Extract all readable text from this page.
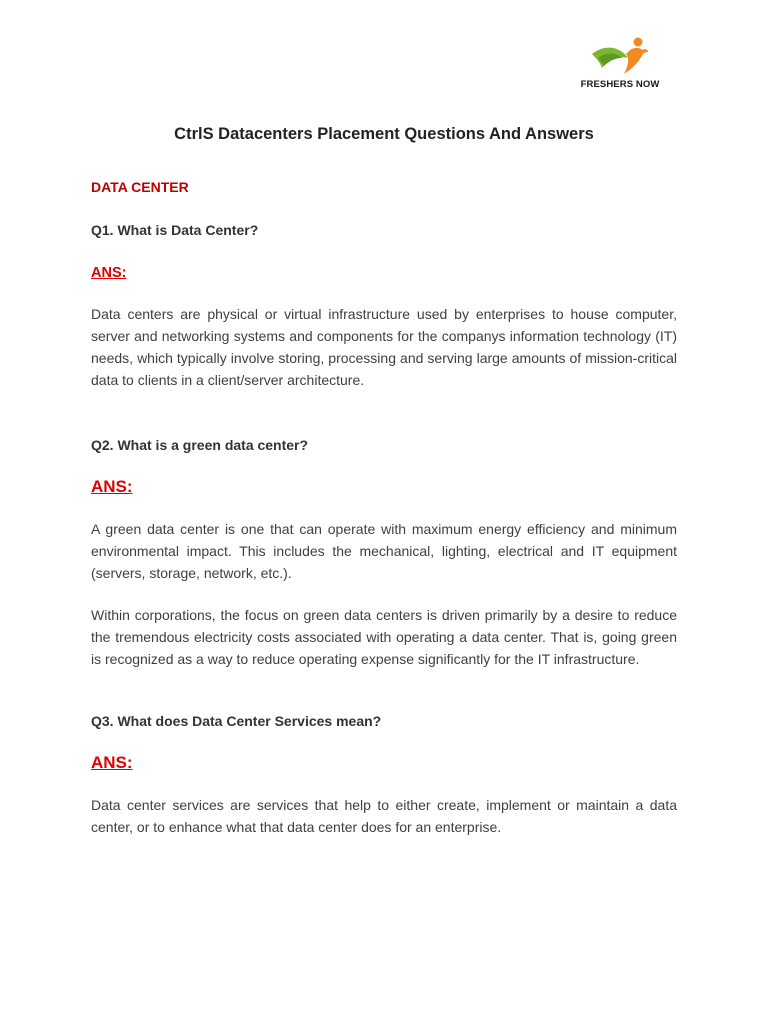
FRESHERS NOW
CtrlS Datacenters Placement Questions And Answers

DATA CENTER

Q1. What is Data Center?

ANS:

Data centers are physical or virtual infrastructure used by enterprises to house computer, server and networking systems and components for the companys information technology (IT) needs, which typically involve storing, processing and serving large amounts of mission-critical data to clients in a client/server architecture.

Q2. What is a green data center?

ANS:

A green data center is one that can operate with maximum energy efficiency and minimum environmental impact. This includes the mechanical, lighting, electrical and IT equipment (servers, storage, network, etc.).

Within corporations, the focus on green data centers is driven primarily by a desire to reduce the tremendous electricity costs associated with operating a data center. That is, going green is recognized as a way to reduce operating expense significantly for the IT infrastructure.

Q3. What does Data Center Services mean?

ANS:

Data center services are services that help to either create, implement or maintain a data center, or to enhance what that data center does for an enterprise.
